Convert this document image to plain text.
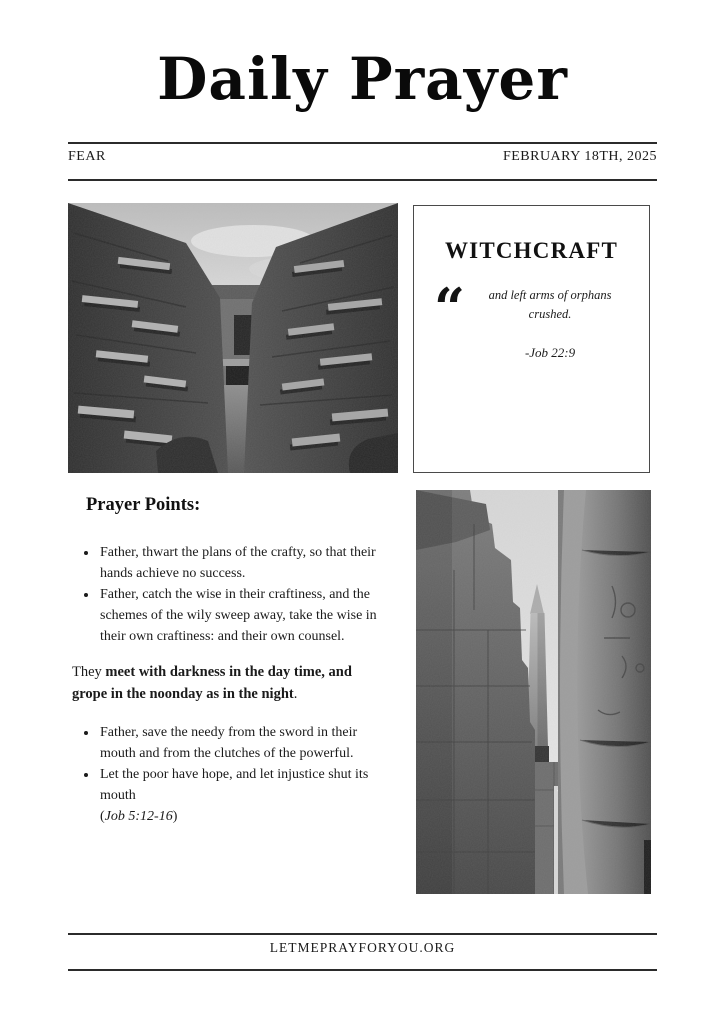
Daily Prayer
FEAR	FEBRUARY 18TH, 2025
WITCHCRAFT
“	and left arms of orphans crushed.

-Job 22:9

Prayer Points:
• Father, thwart the plans of the crafty, so that their hands achieve no success.
• Father, catch the wise in their craftiness, and the schemes of the wily sweep away, take the wise in their own craftiness: and their own counsel.

They meet with darkness in the day time, and grope in the noonday as in the night.

• Father, save the needy from the sword in their mouth and from the clutches of the powerful.
• Let the poor have hope, and let injustice shut its mouth
(Job 5:12-16)
LETMEPRAYFORYOU.ORG
